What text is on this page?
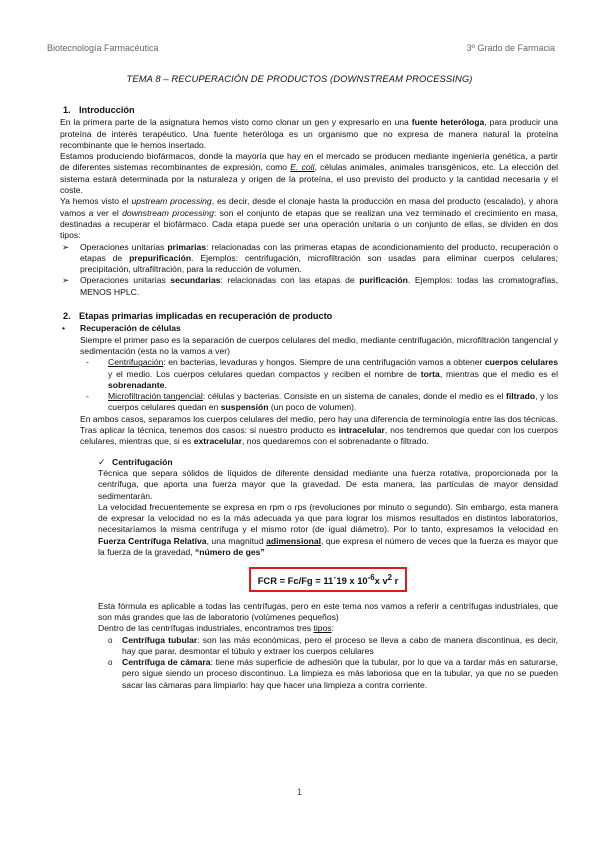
Biotecnología Farmacéutica	3º Grado de Farmacia
TEMA 8 – RECUPERACIÓN DE PRODUCTOS (DOWNSTREAM PROCESSING)
1. Introducción

En la primera parte de la asignatura hemos visto como clonar un gen y expresarlo en una fuente heteróloga, para producir una proteína de interés terapéutico. Una fuente heteróloga es un organismo que no expresa de manera natural la proteína recombinante que le hemos insertado.

Estamos produciendo biofármacos, donde la mayoría que hay en el mercado se producen mediante ingeniería genética, a partir de diferentes sistemas recombinantes de expresión, como E. coli, células animales, animales transgénicos, etc. La elección del sistema estará determinada por la naturaleza y origen de la proteína, el uso previsto del producto y la cantidad necesaria y el coste.

Ya hemos visto el upstream processing, es decir, desde el clonaje hasta la producción en masa del producto (escalado), y ahora vamos a ver el downstream processing: son el conjunto de etapas que se realizan una vez terminado el crecimiento en masa, destinadas a recuperar el biofármaco. Cada etapa puede ser una operación unitaria o un conjunto de ellas, se dividen en dos tipos:

➢	Operaciones unitarias primarias: relacionadas con las primeras etapas de acondicionamiento del producto, recuperación o etapas de prepurificación. Ejemplos: centrifugación, microfiltración son usadas para eliminar cuerpos celulares; precipitación, ultrafiltración, para la reducción de volumen.
➢	Operaciones unitarias secundarias: relacionadas con las etapas de purificación. Ejemplos: todas las cromatografías, MENOS HPLC.
2. Etapas primarias implicadas en recuperación de producto
•	Recuperación de células

Siempre el primer paso es la separación de cuerpos celulares del medio, mediante centrifugación, microfiltración tangencial y sedimentación (esta no la vamos a ver)

-	Centrifugación: en bacterias, levaduras y hongos. Siempre de una centrifugación vamos a obtener cuerpos celulares y el medio. Los cuerpos celulares quedan compactos y reciben el nombre de torta, mientras que el medio es el sobrenadante.
-	Microfiltración tangencial: células y bacterias. Consiste en un sistema de canales, donde el medio es el filtrado, y los cuerpos celulares quedan en suspensión (un poco de volumen).

En ambos casos, separamos los cuerpos celulares del medio, pero hay una diferencia de terminología entre las dos técnicas.

Tras aplicar la técnica, tenemos dos casos: si nuestro producto es intracelular, nos tendremos que quedar con los cuerpos celulares, mientras que, si es extracelular, nos quedaremos con el sobrenadante o filtrado.

✓ Centrifugación

Técnica que separa sólidos de líquidos de diferente densidad mediante una fuerza rotativa, proporcionada por la centrífuga, que aporta una fuerza mayor que la gravedad. De esta manera, las partículas de mayor densidad sedimentarán.

La velocidad frecuentemente se expresa en rpm o rps (revoluciones por minuto o segundo). Sin embargo, esta manera de expresar la velocidad no es la más adecuada ya que para lograr los mismos resultados en distintos laboratorios, necesitaríamos la misma centrífuga y el mismo rotor (de igual diámetro). Por lo tanto, expresamos la velocidad en Fuerza Centrífuga Relativa, una magnitud adimensional, que expresa el número de veces que la fuerza es mayor que la fuerza de la gravedad, “número de ges”

FCR = Fc/Fg = 11´19 x $10^{-6}x$ $v^2$ r

Esta fórmula es aplicable a todas las centrífugas, pero en este tema nos vamos a referir a centrífugas industriales, que son más grandes que las de laboratorio (volúmenes pequeños)

Dentro de las centrífugas industriales, encontramos tres tipos:

o	Centrífuga tubular: son las más económicas, pero el proceso se lleva a cabo de manera discontinua, es decir, hay que parar, desmontar el túbulo y extraer los cuerpos celulares
o	Centrífuga de cámara: tiene más superficie de adhesión que la tubular, por lo que va a tardar más en saturarse, pero sigue siendo un proceso discontinuo. La limpieza es más laboriosa que en la tubular, ya que no se pueden sacar las cámaras para limpiarlo: hay que hacer una limpieza a contra corriente.
1
